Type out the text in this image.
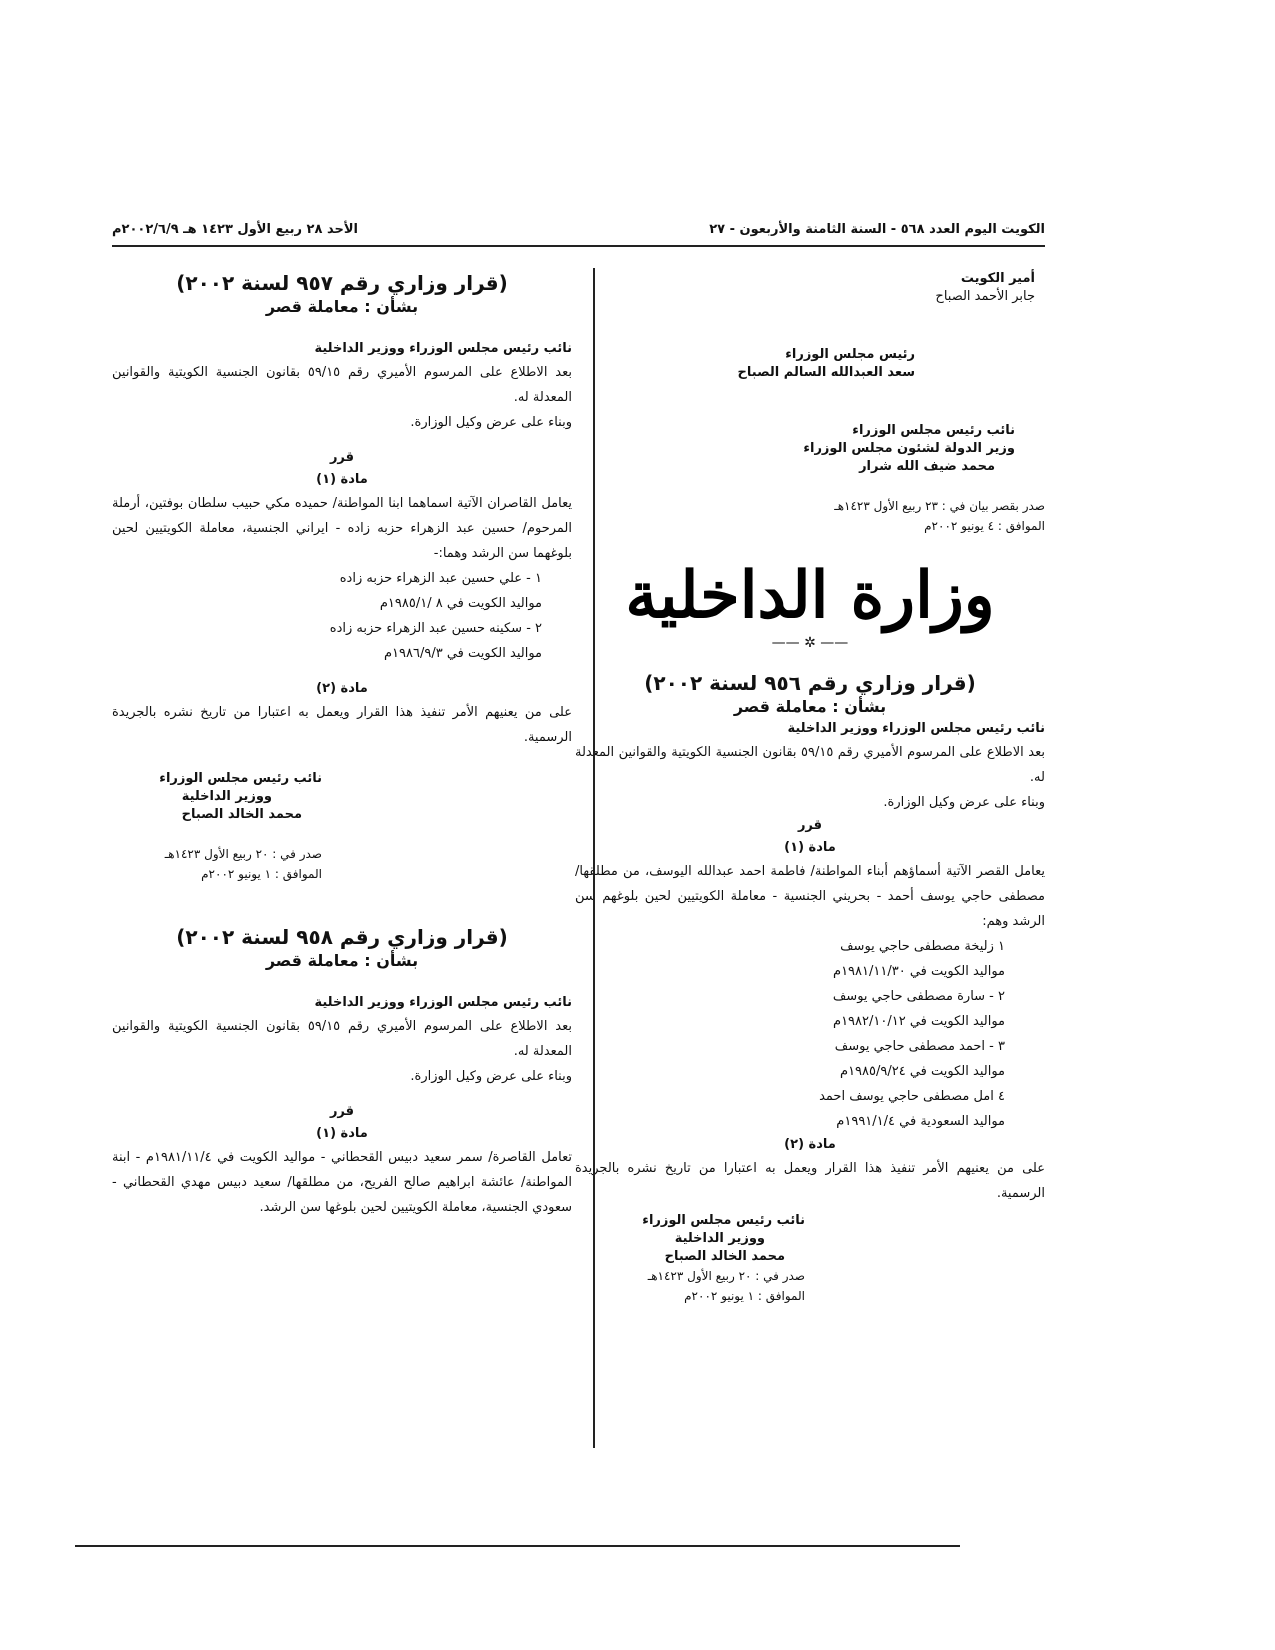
الكويت اليوم العدد ٥٦٨ - السنة الثامنة والأربعون - ٢٧
الأحد ٢٨ ربيع الأول ١٤٢٣ هـ ٢٠٠٢/٦/٩م

أمير الكويت

جابر الأحمد الصباح

رئيس مجلس الوزراء

سعد العبدالله السالم الصباح

نائب رئيس مجلس الوزراء

وزير الدولة لشئون مجلس الوزراء

محمد ضيف الله شرار

صدر بقصر بيان في : ٢٣ ربيع الأول ١٤٢٣هـ

الموافق : ٤ يونيو ٢٠٠٢م

وزارة الداخلية
—— ✲ ——

(قرار وزاري رقم ٩٥٦ لسنة ٢٠٠٢)

بشأن : معاملة قصر

نائب رئيس مجلس الوزراء ووزير الداخلية

بعد الاطلاع على المرسوم الأميري رقم ٥٩/١٥ بقانون الجنسية الكويتية والقوانين المعدلة له.

وبناء على عرض وكيل الوزارة.

قرر

مادة (١)

يعامل القصر الآتية أسماؤهم أبناء المواطنة/ فاطمة احمد عبدالله اليوسف، من مطلقها/ مصطفى حاجي يوسف أحمد - بحريني الجنسية - معاملة الكويتيين لحين بلوغهم سن الرشد وهم:

١ زليخة مصطفى حاجي يوسف

مواليد الكويت في ١٩٨١/١١/٣٠م

٢ - سارة مصطفى حاجي يوسف

مواليد الكويت في ١٩٨٢/١٠/١٢م

٣ - احمد مصطفى حاجي يوسف

مواليد الكويت في ١٩٨٥/٩/٢٤م

٤ امل مصطفى حاجي يوسف احمد

مواليد السعودية في ١٩٩١/١/٤م

مادة (٢)

على من يعنيهم الأمر تنفيذ هذا القرار ويعمل به اعتبارا من تاريخ نشره بالجريدة الرسمية.

نائب رئيس مجلس الوزراء

ووزير الداخلية

محمد الخالد الصباح

صدر في : ٢٠ ربيع الأول ١٤٢٣هـ

الموافق : ١ يونيو ٢٠٠٢م

(قرار وزاري رقم ٩٥٧ لسنة ٢٠٠٢)

بشأن : معاملة قصر

نائب رئيس مجلس الوزراء ووزير الداخلية

بعد الاطلاع على المرسوم الأميري رقم ٥٩/١٥ بقانون الجنسية الكويتية والقوانين المعدلة له.

وبناء على عرض وكيل الوزارة.

قرر

مادة (١)

يعامل القاصران الآتية اسماهما ابنا المواطنة/ حميده مكي حبيب سلطان بوفتين، أرملة المرحوم/ حسين عبد الزهراء حزبه زاده - ايراني الجنسية، معاملة الكويتيين لحين بلوغهما سن الرشد وهما:-

١ - علي حسين عبد الزهراء حزبه زاده

مواليد الكويت في ٨ /١٩٨٥/١م

٢ - سكينه حسين عبد الزهراء حزبه زاده

مواليد الكويت في ١٩٨٦/٩/٣م

مادة (٢)

على من يعنيهم الأمر تنفيذ هذا القرار ويعمل به اعتبارا من تاريخ نشره بالجريدة الرسمية.

نائب رئيس مجلس الوزراء

ووزير الداخلية

محمد الخالد الصباح

صدر في : ٢٠ ربيع الأول ١٤٢٣هـ

الموافق : ١ يونيو ٢٠٠٢م

(قرار وزاري رقم ٩٥٨ لسنة ٢٠٠٢)

بشأن : معاملة قصر

نائب رئيس مجلس الوزراء ووزير الداخلية

بعد الاطلاع على المرسوم الأميري رقم ٥٩/١٥ بقانون الجنسية الكويتية والقوانين المعدلة له.

وبناء على عرض وكيل الوزارة.

قرر

مادة (١)

تعامل القاصرة/ سمر سعيد دبيس القحطاني - مواليد الكويت في ١٩٨١/١١/٤م - ابنة المواطنة/ عائشة ابراهيم صالح الفريح، من مطلقها/ سعيد دبيس مهدي القحطاني - سعودي الجنسية، معاملة الكويتيين لحين بلوغها سن الرشد.
